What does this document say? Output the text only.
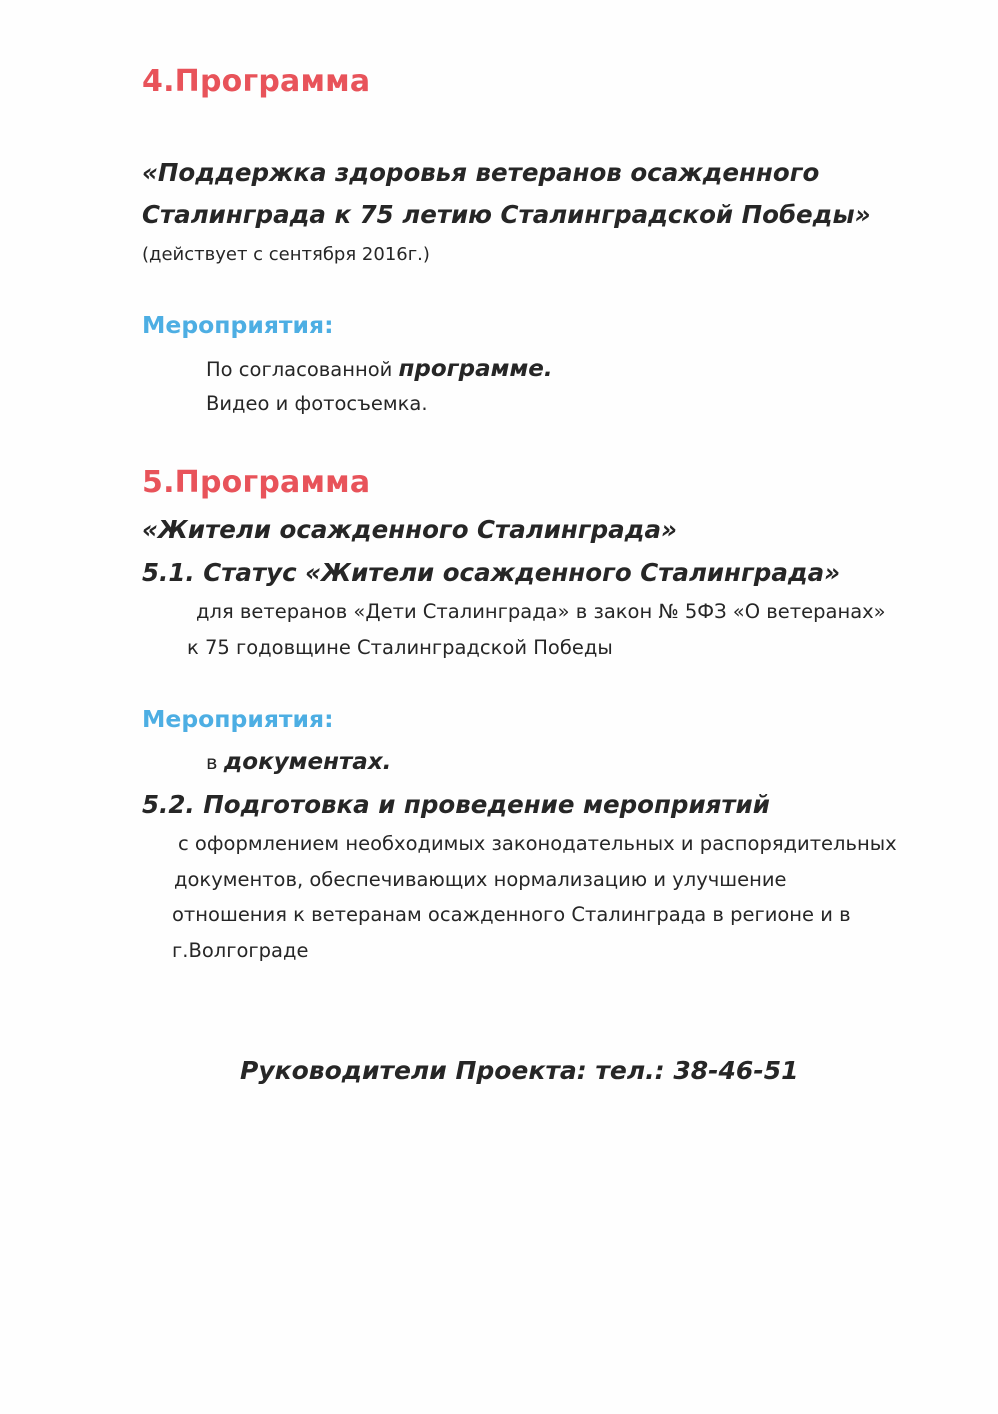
4.Программа

«Поддержка здоровья ветеранов осажденного

Сталинграда к 75 летию Сталинградской Победы»

(действует с сентября 2016г.)

Мероприятия:

По согласованной программе.

Видео и фотосъемка.

5.Программа

«Жители осажденного Сталинграда»

5.1. Статус «Жители осажденного Сталинграда»

для ветеранов «Дети Сталинграда» в закон № 5ФЗ «О ветеранах»

к 75 годовщине Сталинградской Победы

Мероприятия:

в документах.

5.2. Подготовка и проведение мероприятий

с оформлением необходимых законодательных и распорядительных

документов, обеспечивающих нормализацию и улучшение

отношения к ветеранам осажденного Сталинграда в регионе и в

г.Волгограде

Руководители Проекта: тел.: 38-46-51
